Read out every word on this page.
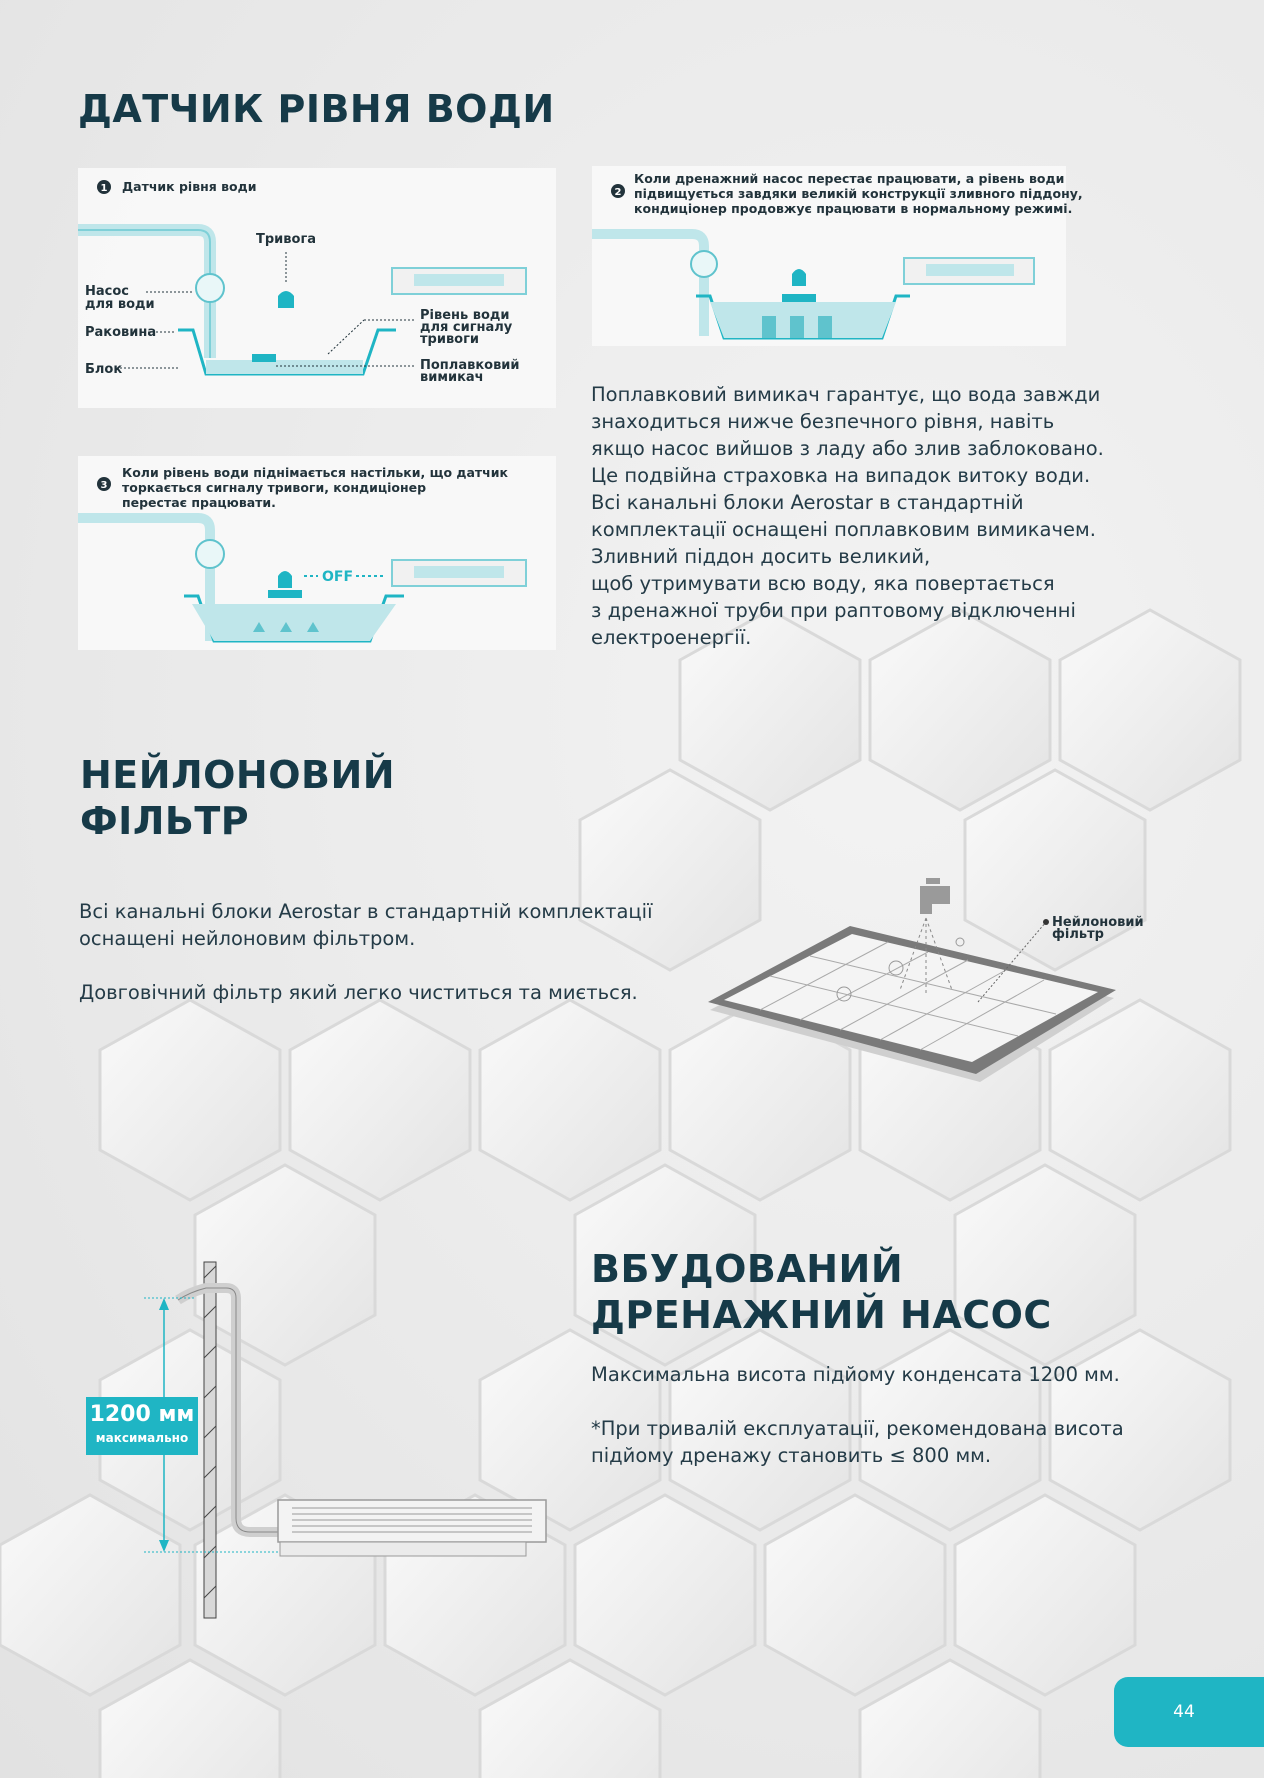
ДАТЧИК РІВНЯ ВОДИ
1 Датчик рівня води
Тривога
Насос
для води
Раковина
Блок
Рівень води
для сигналу
тривоги
Поплавковий
вимикач
2
Коли дренажний насос перестає працювати, а рівень води
підвищується завдяки великій конструкції зливного піддону,
кондиціонер продовжує працювати в нормальному режимі.
3
Коли рівень води піднімається настільки, що датчик
торкається сигналу тривоги, кондиціонер
перестає працювати.
OFF

Поплавковий вимикач гарантує, що вода завжди

знаходиться нижче безпечного рівня, навіть

якщо насос вийшов з ладу або злив заблоковано.

Це подвійна страховка на випадок витоку води.

Всі канальні блоки Aerostar в стандартній

комплектації оснащені поплавковим вимикачем.

Зливний піддон досить великий,

щоб утримувати всю воду, яка повертається

з дренажної труби при раптовому відключенні

електроенергії.

НЕЙЛОНОВИЙ
ФІЛЬТР

Всі канальні блоки Aerostar в стандартній комплектації

оснащені нейлоновим фільтром.

Довговічний фільтр який легко чиститься та миється.

Нейлоновий
фільтр
ВБУДОВАНИЙ
ДРЕНАЖНИЙ НАСОС

Максимальна висота підйому конденсата 1200 мм.

*При тривалій експлуатації, рекомендована висота

підйому дренажу становить ≤ 800 мм.

1200 мм
максимально
44
